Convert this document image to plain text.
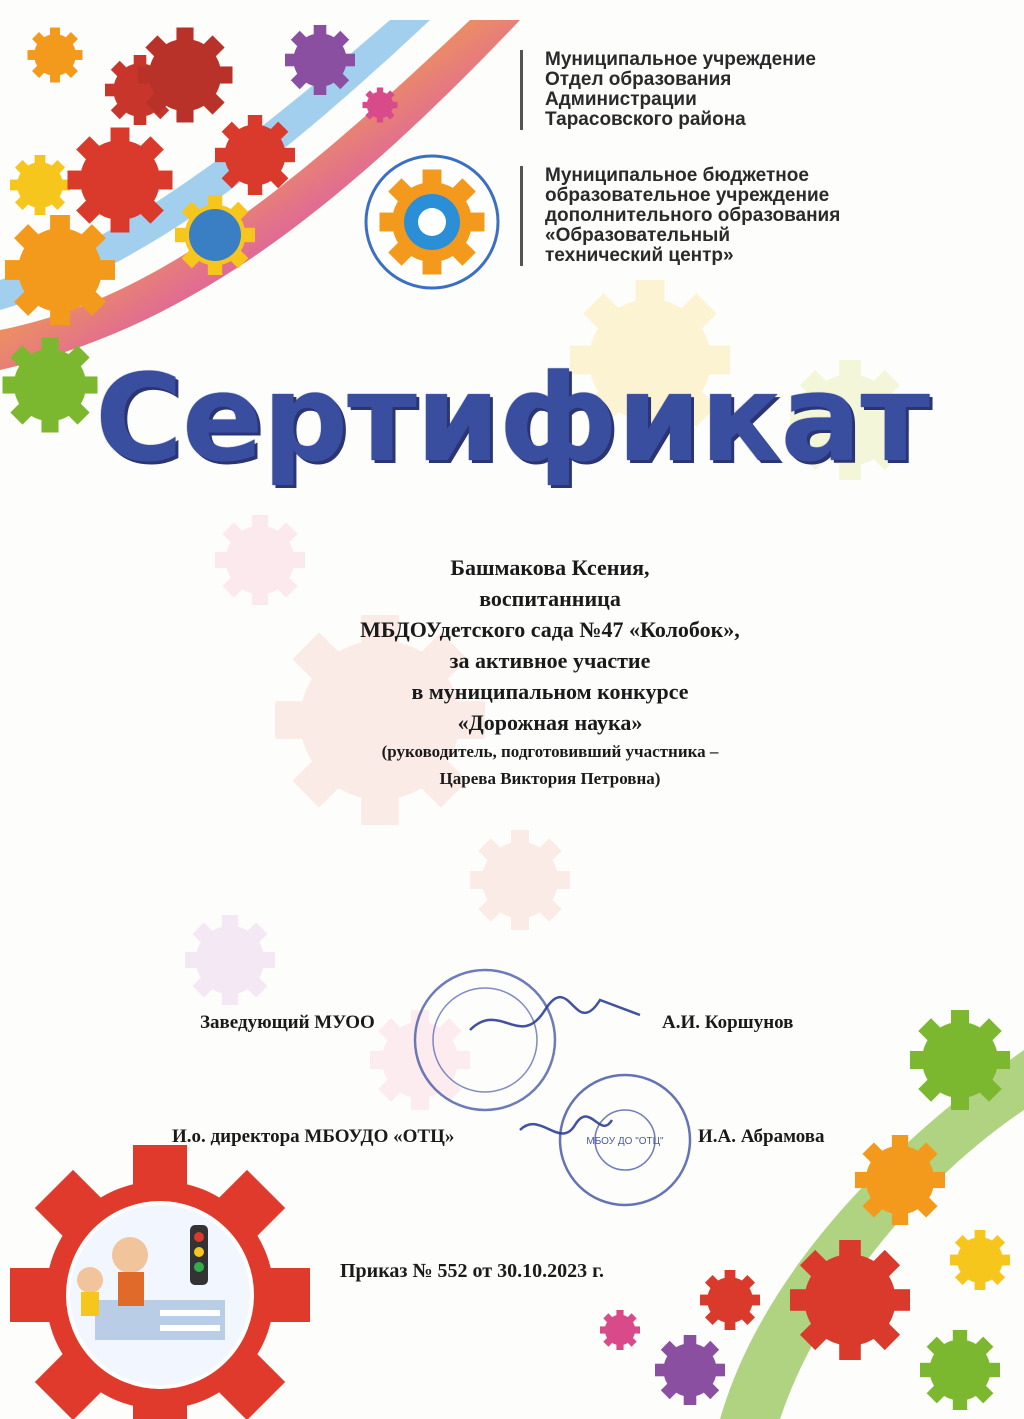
Муниципальное учреждение
Отдел образования
Администрации
Тарасовского района
Муниципальное бюджетное
образовательное учреждение
дополнительного образования
«Образовательный
технический центр»
Сертификат
Башмакова Ксения,
воспитанница
МБДОУдетского сада №47 «Колобок»,
за активное участие
в муниципальном конкурсе
«Дорожная наука»
(руководитель, подготовивший участника –
Царева Виктория Петровна)
МБОУ ДО "ОТЦ"
Заведующий МУОО	А.И. Коршунов
И.о. директора МБОУДО «ОТЦ»	И.А. Абрамова
Приказ № 552 от 30.10.2023 г.
